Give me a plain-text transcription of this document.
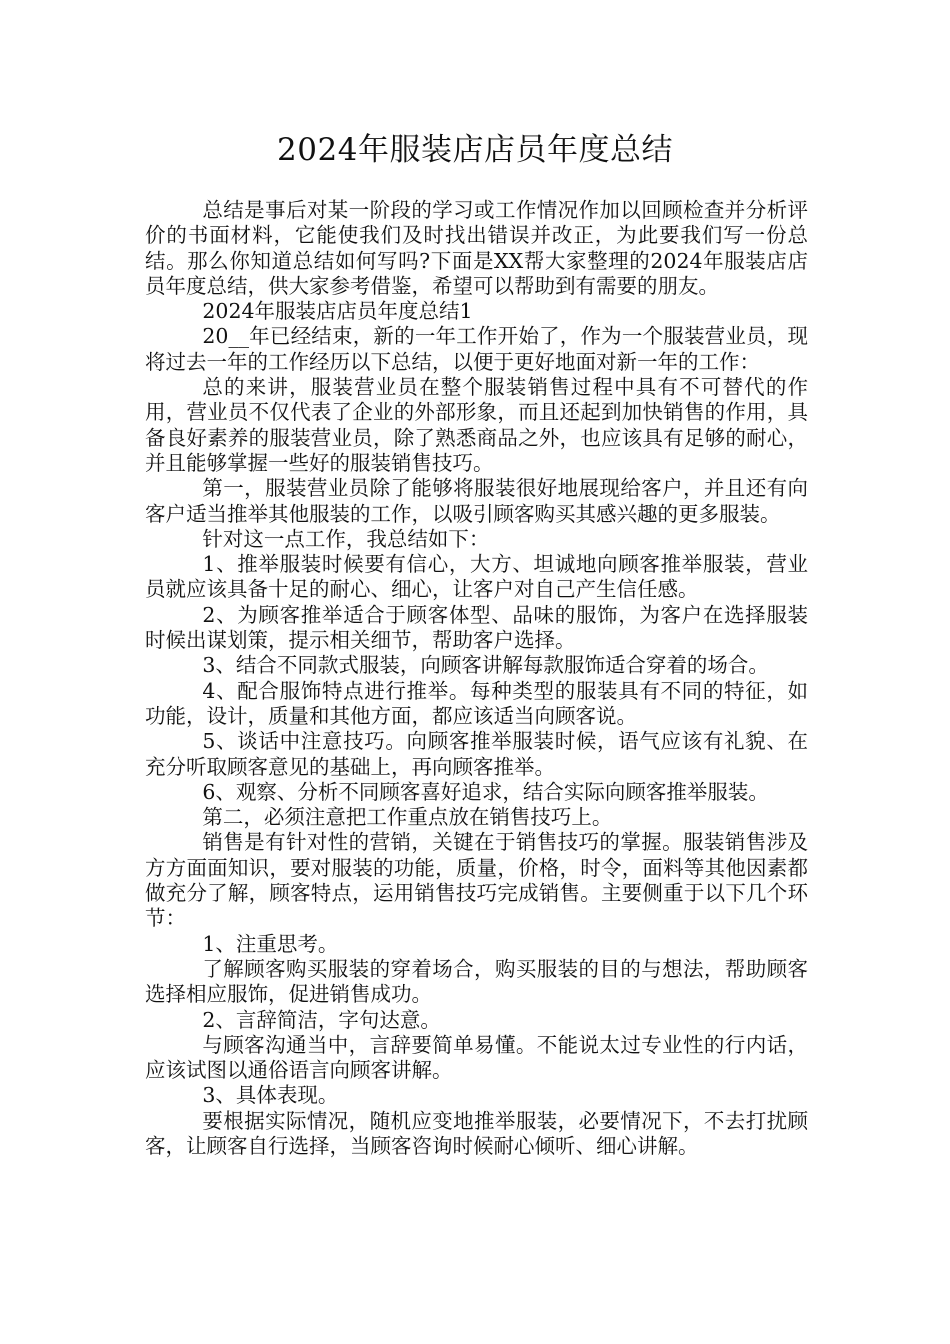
2024年服装店店员年度总结

总结是事后对某一阶段的学习或工作情况作加以回顾检查并分析评价的书面材料，它能使我们及时找出错误并改正，为此要我们写一份总结。那么你知道总结如何写吗?下面是XX帮大家整理的2024年服装店店员年度总结，供大家参考借鉴，希望可以帮助到有需要的朋友。

2024年服装店店员年度总结1

20__年已经结束，新的一年工作开始了，作为一个服装营业员，现将过去一年的工作经历以下总结，以便于更好地面对新一年的工作：

总的来讲，服装营业员在整个服装销售过程中具有不可替代的作用，营业员不仅代表了企业的外部形象，而且还起到加快销售的作用，具备良好素养的服装营业员，除了熟悉商品之外，也应该具有足够的耐心，并且能够掌握一些好的服装销售技巧。

第一，服装营业员除了能够将服装很好地展现给客户，并且还有向客户适当推举其他服装的工作，以吸引顾客购买其感兴趣的更多服装。

针对这一点工作，我总结如下：

1、推举服装时候要有信心，大方、坦诚地向顾客推举服装，营业员就应该具备十足的耐心、细心，让客户对自己产生信任感。

2、为顾客推举适合于顾客体型、品味的服饰，为客户在选择服装时候出谋划策，提示相关细节，帮助客户选择。

3、结合不同款式服装，向顾客讲解每款服饰适合穿着的场合。

4、配合服饰特点进行推举。每种类型的服装具有不同的特征，如功能，设计，质量和其他方面，都应该适当向顾客说。

5、谈话中注意技巧。向顾客推举服装时候，语气应该有礼貌、在充分听取顾客意见的基础上，再向顾客推举。

6、观察、分析不同顾客喜好追求，结合实际向顾客推举服装。

第二，必须注意把工作重点放在销售技巧上。

销售是有针对性的营销，关键在于销售技巧的掌握。服装销售涉及方方面面知识，要对服装的功能，质量，价格，时令，面料等其他因素都做充分了解，顾客特点，运用销售技巧完成销售。主要侧重于以下几个环节：

1、注重思考。

了解顾客购买服装的穿着场合，购买服装的目的与想法，帮助顾客选择相应服饰，促进销售成功。

2、言辞简洁，字句达意。

与顾客沟通当中，言辞要简单易懂。不能说太过专业性的行内话，应该试图以通俗语言向顾客讲解。

3、具体表现。

要根据实际情况，随机应变地推举服装，必要情况下，不去打扰顾客，让顾客自行选择，当顾客咨询时候耐心倾听、细心讲解。
